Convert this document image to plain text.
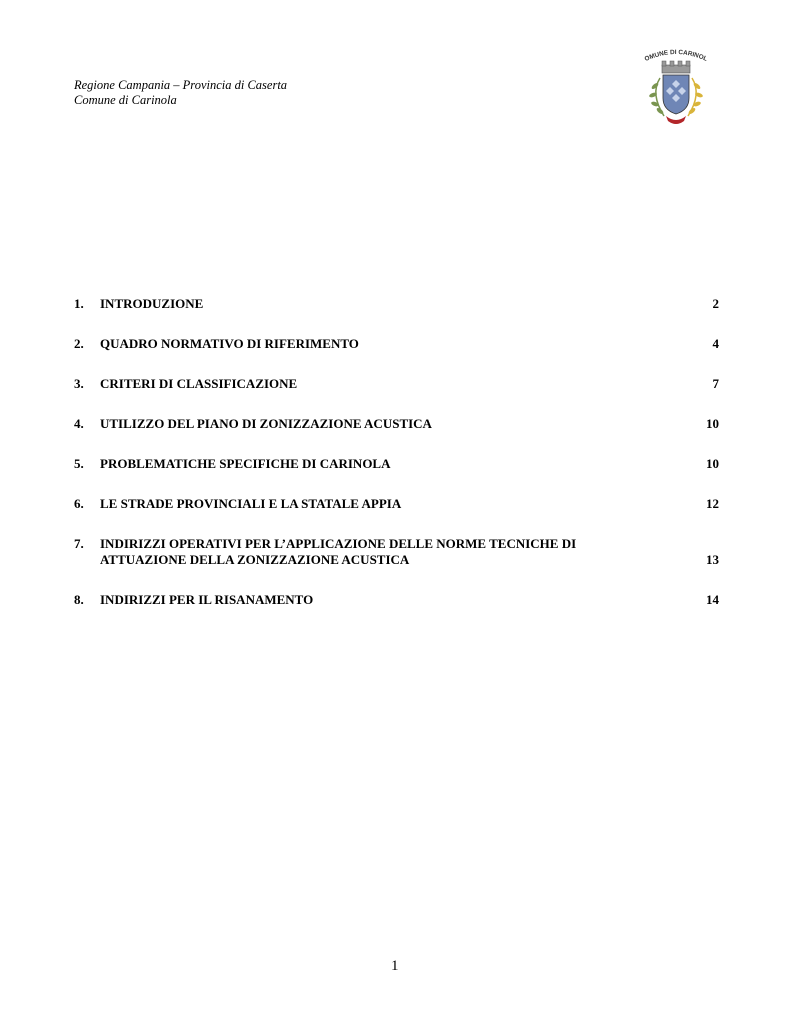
Regione Campania – Provincia di Caserta
Comune di Carinola
OMUNE DI CARINOL
1. INTRODUZIONE	2
2. QUADRO NORMATIVO DI RIFERIMENTO	4
3. CRITERI DI CLASSIFICAZIONE	7
4. UTILIZZO DEL PIANO DI ZONIZZAZIONE ACUSTICA	10
5. PROBLEMATICHE SPECIFICHE DI CARINOLA	10
6. LE STRADE PROVINCIALI E LA STATALE APPIA	12
7. INDIRIZZI OPERATIVI PER L’APPLICAZIONE DELLE NORME TECNICHE DI ATTUAZIONE DELLA ZONIZZAZIONE ACUSTICA	13
8. INDIRIZZI PER IL RISANAMENTO	14
1
